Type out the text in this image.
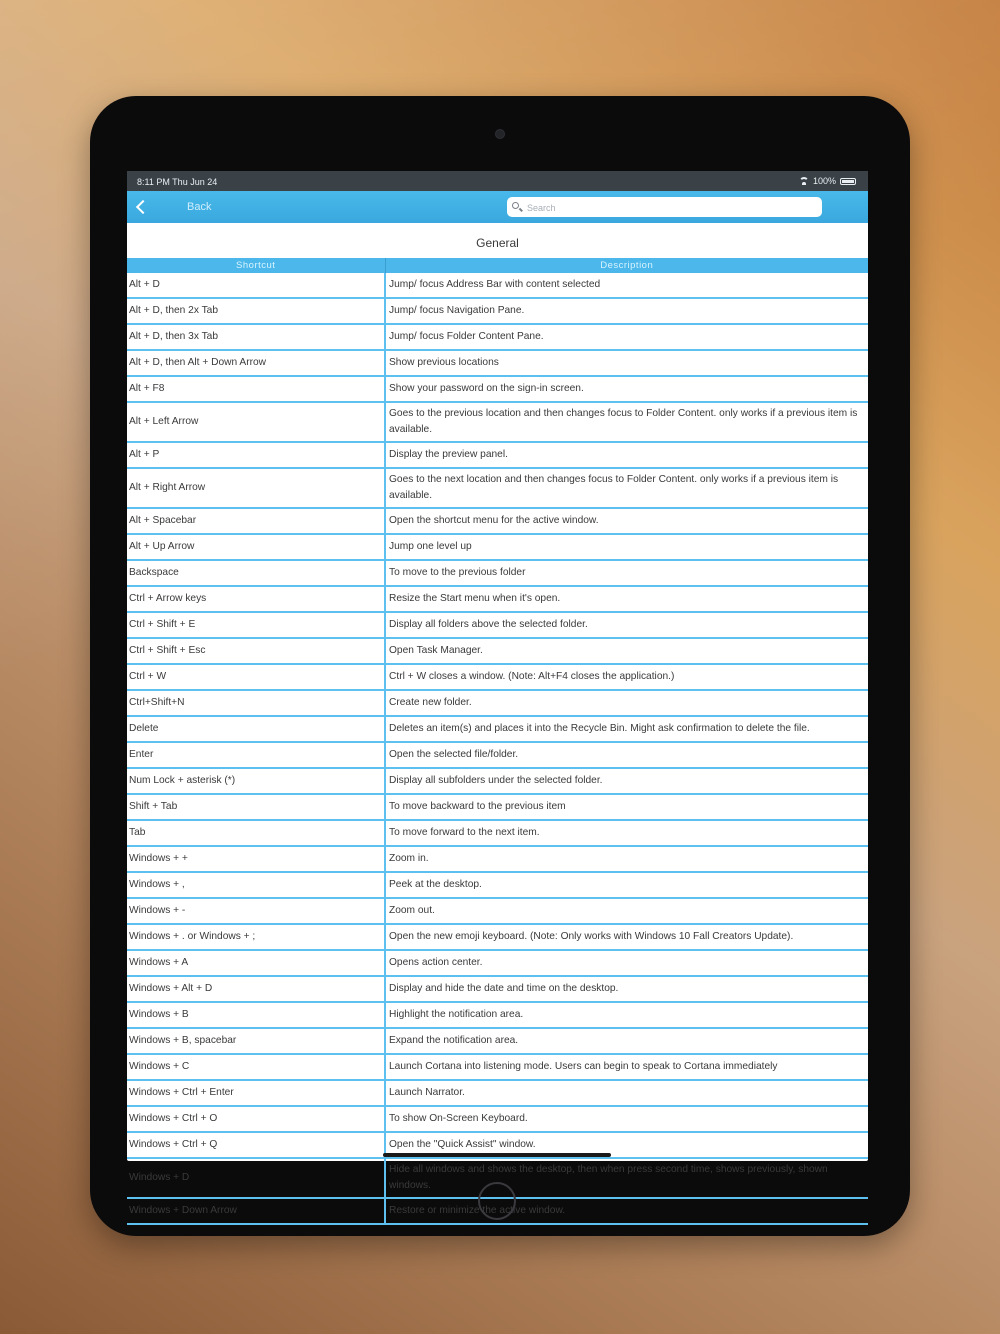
8:11 PM Thu Jun 24	100%
Back
Search
General
Shortcut	Description
Alt + D	Jump/ focus Address Bar with content selected
Alt + D, then 2x Tab	Jump/ focus Navigation Pane.
Alt + D, then 3x Tab	Jump/ focus Folder Content Pane.
Alt + D, then Alt + Down Arrow	Show previous locations
Alt + F8	Show your password on the sign-in screen.
Alt + Left Arrow	Goes to the previous location and then changes focus to Folder Content. only works if a previous item is available.
Alt + P	Display the preview panel.
Alt + Right Arrow	Goes to the next location and then changes focus to Folder Content. only works if a previous item is available.
Alt + Spacebar	Open the shortcut menu for the active window.
Alt + Up Arrow	Jump one level up
Backspace	To move to the previous folder
Ctrl + Arrow keys	Resize the Start menu when it's open.
Ctrl + Shift + E	Display all folders above the selected folder.
Ctrl + Shift + Esc	Open Task Manager.
Ctrl + W	Ctrl + W closes a window. (Note: Alt+F4 closes the application.)
Ctrl+Shift+N	Create new folder.
Delete	Deletes an item(s) and places it into the Recycle Bin. Might ask confirmation to delete the file.
Enter	Open the selected file/folder.
Num Lock + asterisk (*)	Display all subfolders under the selected folder.
Shift + Tab	To move backward to the previous item
Tab	To move forward to the next item.
Windows + +	Zoom in.
Windows + ,	Peek at the desktop.
Windows + -	Zoom out.
Windows + . or Windows + ;	Open the new emoji keyboard. (Note: Only works with Windows 10 Fall Creators Update).
Windows + A	Opens action center.
Windows + Alt + D	Display and hide the date and time on the desktop.
Windows + B	Highlight the notification area.
Windows + B, spacebar	Expand the notification area.
Windows + C	Launch Cortana into listening mode. Users can begin to speak to Cortana immediately
Windows + Ctrl + Enter	Launch Narrator.
Windows + Ctrl + O	To show On-Screen Keyboard.
Windows + Ctrl + Q	Open the "Quick Assist" window.
Windows + D	Hide all windows and shows the desktop, then when press second time, shows previously, shown windows.
Windows + Down Arrow	Restore or minimize the active window.
